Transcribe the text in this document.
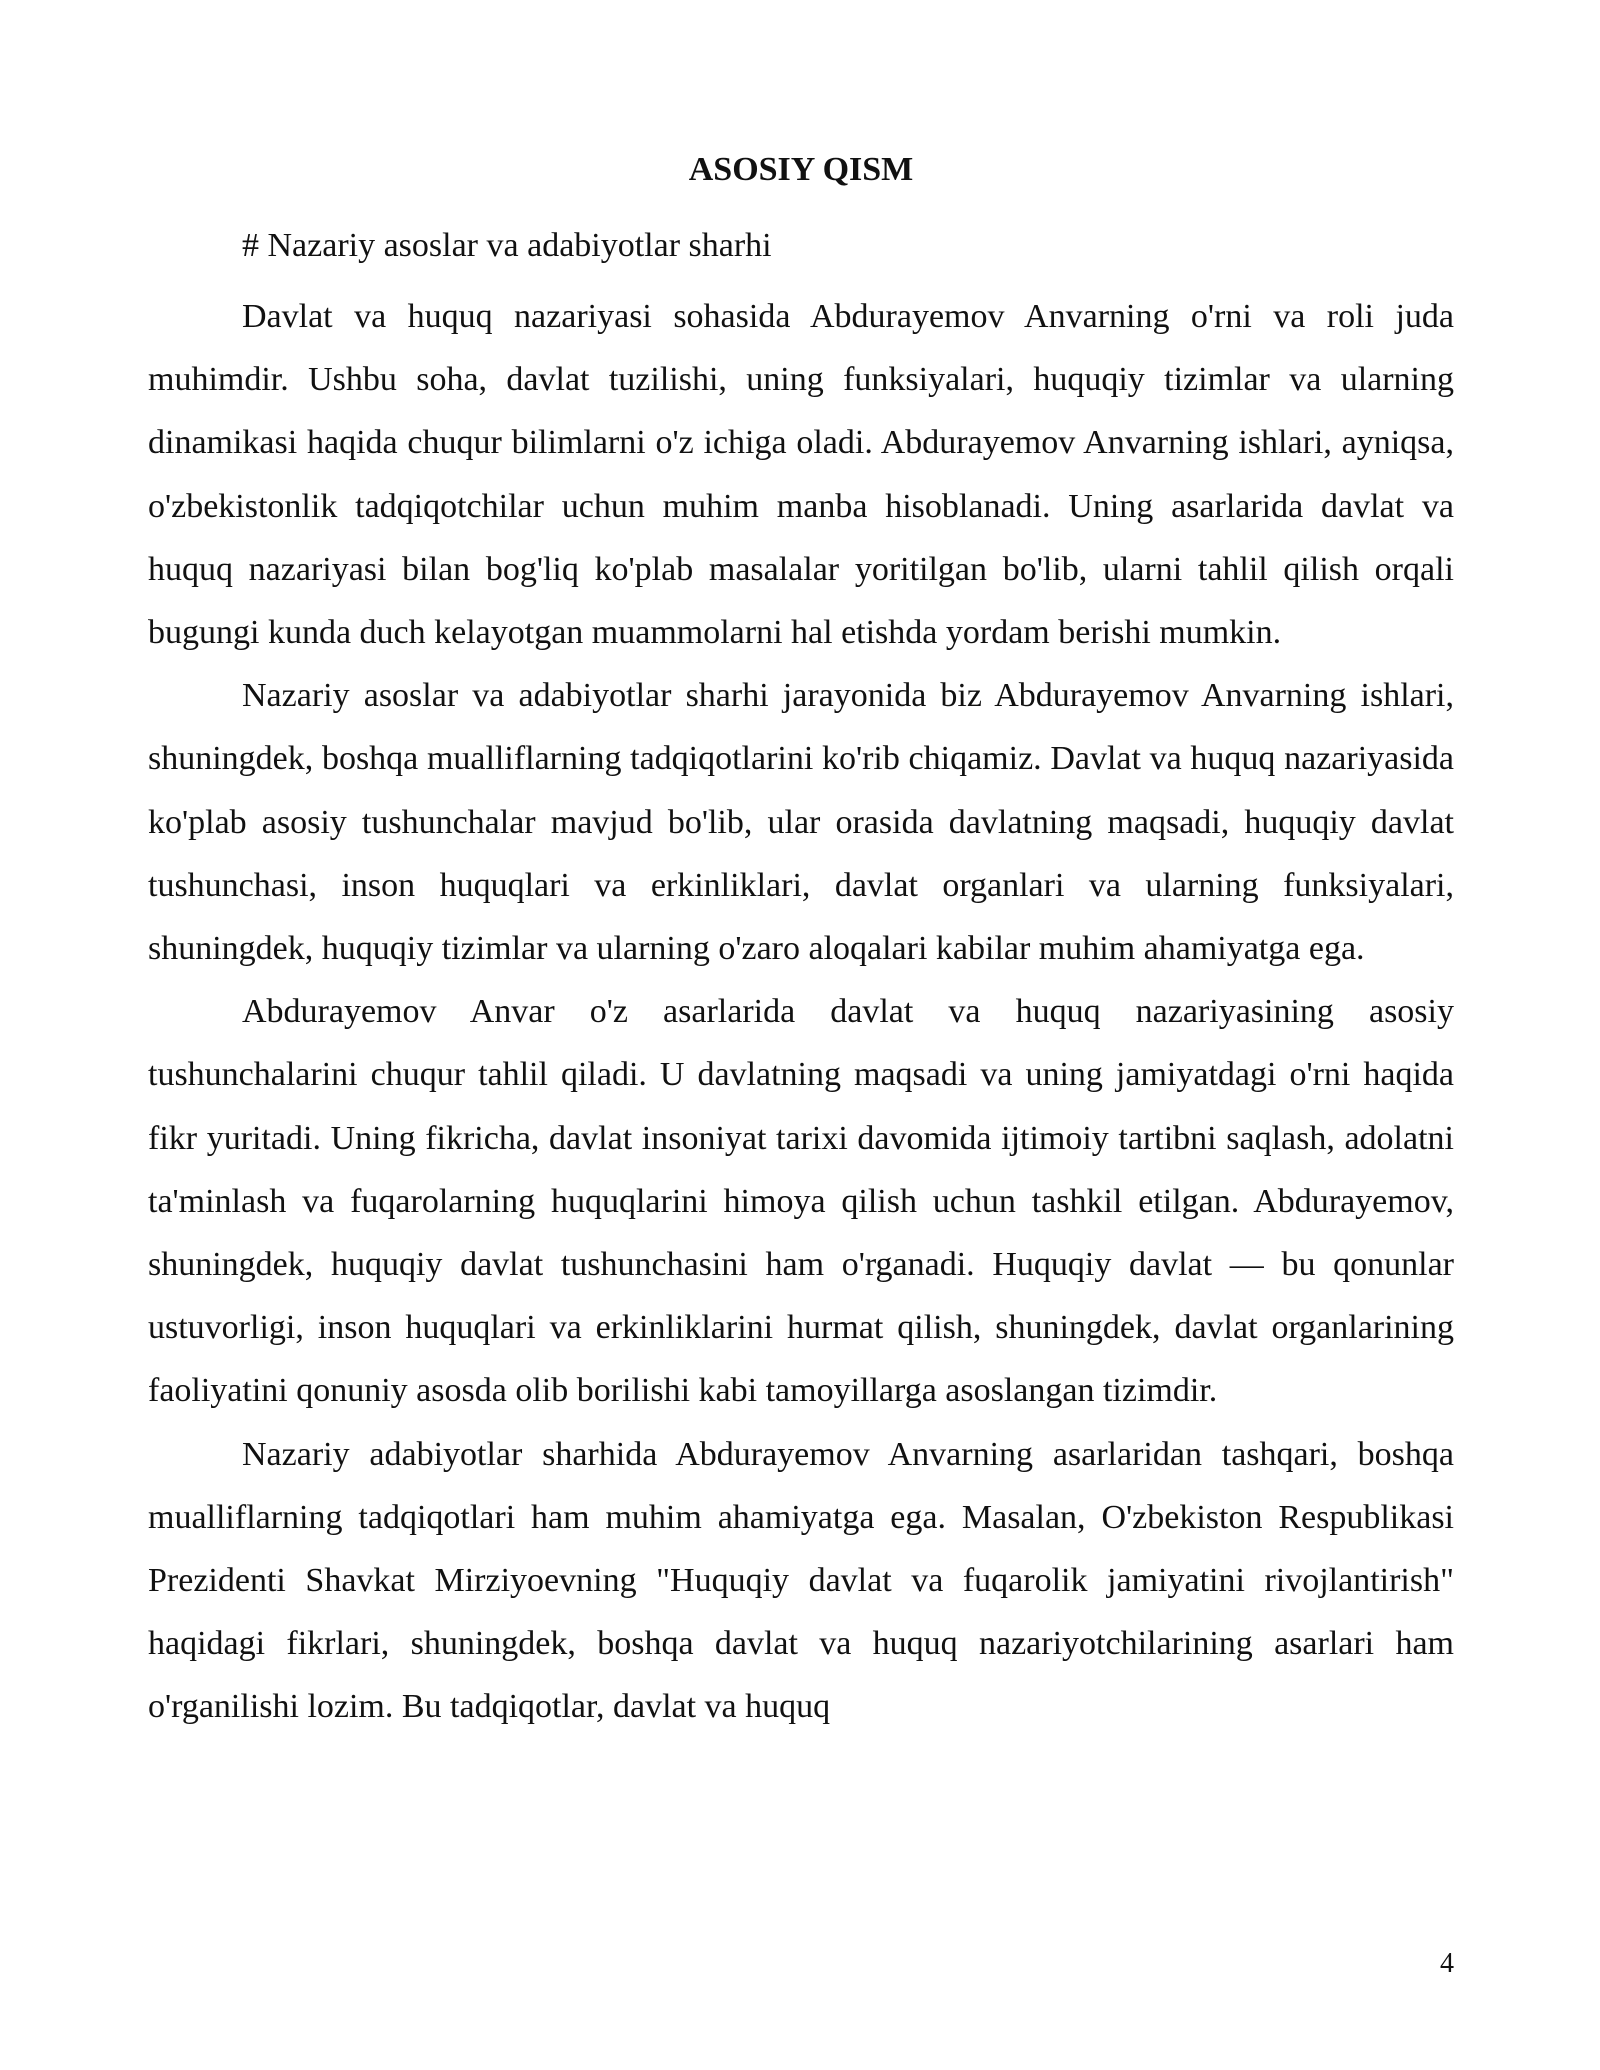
ASOSIY QISM

# Nazariy asoslar va adabiyotlar sharhi

Davlat va huquq nazariyasi sohasida Abdurayemov Anvarning o'rni va roli juda muhimdir. Ushbu soha, davlat tuzilishi, uning funksiyalari, huquqiy tizimlar va ularning dinamikasi haqida chuqur bilimlarni o'z ichiga oladi. Abdurayemov Anvarning ishlari, ayniqsa, o'zbekistonlik tadqiqotchilar uchun muhim manba hisoblanadi. Uning asarlarida davlat va huquq nazariyasi bilan bog'liq ko'plab masalalar yoritilgan bo'lib, ularni tahlil qilish orqali bugungi kunda duch kelayotgan muammolarni hal etishda yordam berishi mumkin.

Nazariy asoslar va adabiyotlar sharhi jarayonida biz Abdurayemov Anvarning ishlari, shuningdek, boshqa mualliflarning tadqiqotlarini ko'rib chiqamiz. Davlat va huquq nazariyasida ko'plab asosiy tushunchalar mavjud bo'lib, ular orasida davlatning maqsadi, huquqiy davlat tushunchasi, inson huquqlari va erkinliklari, davlat organlari va ularning funksiyalari, shuningdek, huquqiy tizimlar va ularning o'zaro aloqalari kabilar muhim ahamiyatga ega.

Abdurayemov Anvar o'z asarlarida davlat va huquq nazariyasining asosiy tushunchalarini chuqur tahlil qiladi. U davlatning maqsadi va uning jamiyatdagi o'rni haqida fikr yuritadi. Uning fikricha, davlat insoniyat tarixi davomida ijtimoiy tartibni saqlash, adolatni ta'minlash va fuqarolarning huquqlarini himoya qilish uchun tashkil etilgan. Abdurayemov, shuningdek, huquqiy davlat tushunchasini ham o'rganadi. Huquqiy davlat — bu qonunlar ustuvorligi, inson huquqlari va erkinliklarini hurmat qilish, shuningdek, davlat organlarining faoliyatini qonuniy asosda olib borilishi kabi tamoyillarga asoslangan tizimdir.

Nazariy adabiyotlar sharhida Abdurayemov Anvarning asarlaridan tashqari, boshqa mualliflarning tadqiqotlari ham muhim ahamiyatga ega. Masalan, O'zbekiston Respublikasi Prezidenti Shavkat Mirziyoevning "Huquqiy davlat va fuqarolik jamiyatini rivojlantirish" haqidagi fikrlari, shuningdek, boshqa davlat va huquq nazariyotchilarining asarlari ham o'rganilishi lozim. Bu tadqiqotlar, davlat va huquq

4
